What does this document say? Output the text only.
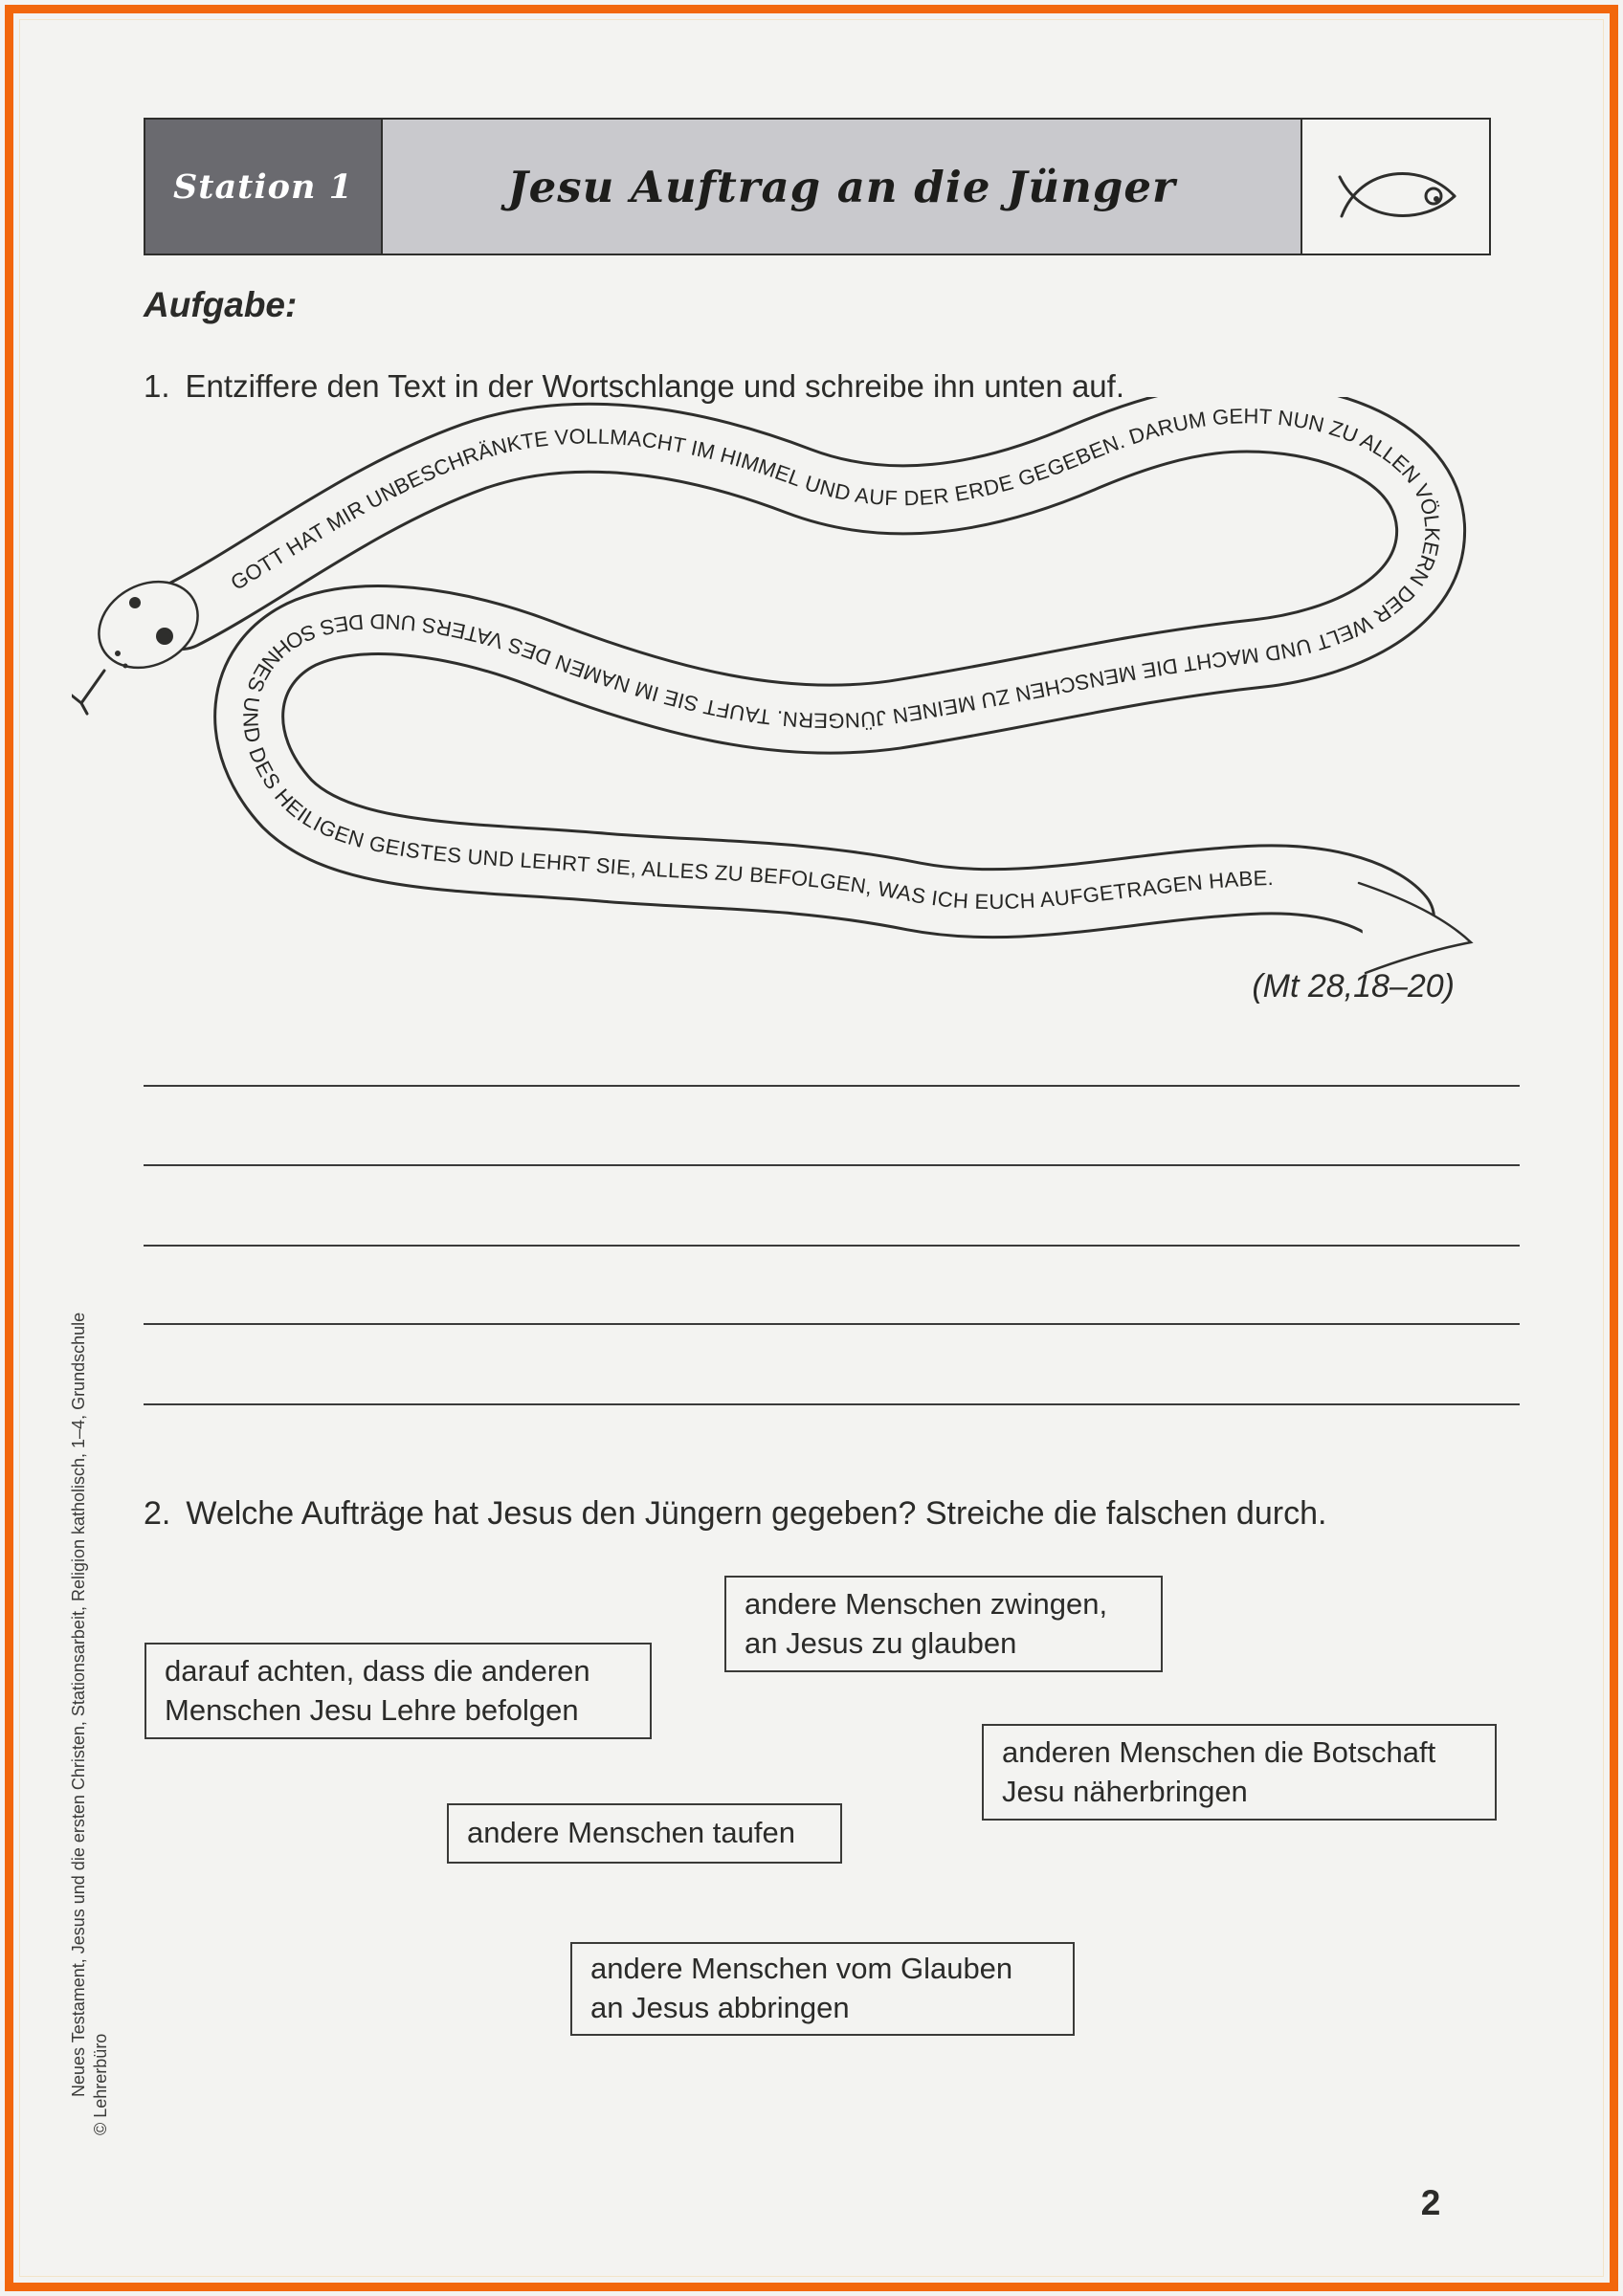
Station 1	Jesu Auftrag an die Jünger
Aufgabe:
1. Entziffere den Text in der Wortschlange und schreibe ihn unten auf.
GOTT HAT MIR UNBESCHRÄNKTE VOLLMACHT IM HIMMEL UND AUF DER ERDE GEGEBEN. DARUM GEHT NUN ZU ALLEN VÖLKERN DER WELT UND MACHT DIE MENSCHEN ZU MEINEN JÜNGERN. TAUFT SIE IM NAMEN DES VATERS UND DES SOHNES UND DES HEILIGEN GEISTES UND LEHRT SIE, ALLES ZU BEFOLGEN, WAS ICH EUCH AUFGETRAGEN HABE.
(Mt 28,18–20)
2. Welche Aufträge hat Jesus den Jüngern gegeben? Streiche die falschen durch.
andere Menschen zwingen,
an Jesus zu glauben
darauf achten, dass die anderen
Menschen Jesu Lehre befolgen
anderen Menschen die Botschaft
Jesu näherbringen
andere Menschen taufen
andere Menschen vom Glauben
an Jesus abbringen
Neues Testament, Jesus und die ersten Christen, Stationsarbeit, Religion katholisch, 1–4, Grundschule © Lehrerbüro
2
